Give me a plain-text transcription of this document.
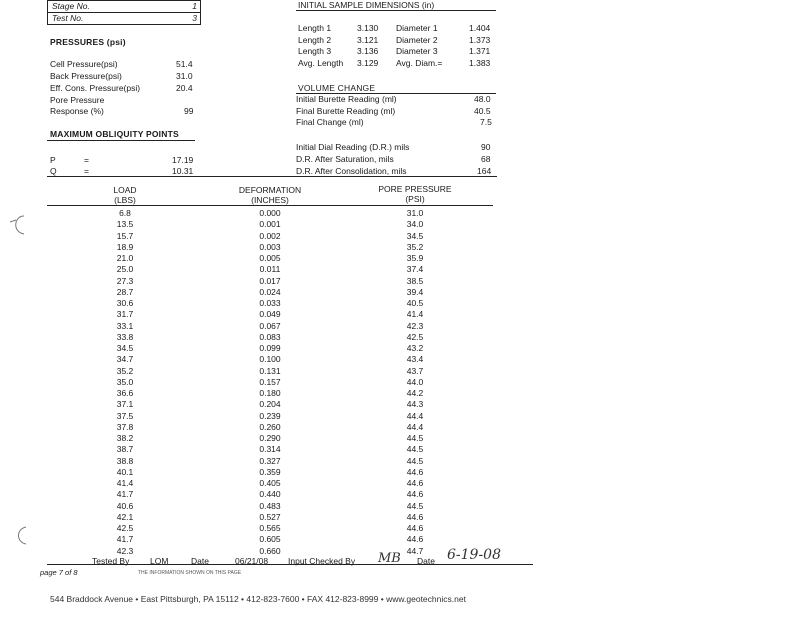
Stage No.	1
Test No.	3
PRESSURES (psi)
Cell Pressure(psi)	51.4
Back Pressure(psi)	31.0
Eff. Cons. Pressure(psi)	20.4
Pore Pressure
Response (%)	99
MAXIMUM OBLIQUITY POINTS
P	=	17.19
Q	=	10.31
INITIAL SAMPLE DIMENSIONS (in)
Length 1	3.130 Diameter 1	1.404
Length 2	3.121 Diameter 2	1.373
Length 3	3.136 Diameter 3	1.371
Avg. Length 3.129 Avg. Diam.=	1.383
VOLUME CHANGE
Initial Burette Reading (ml)	48.0
Final Burette Reading (ml)	40.5
Final Change (ml)	7.5
Initial Dial Reading (D.R.) mils	90
D.R. After Saturation, mils	68
D.R. After Consolidation, mils	164
LOAD
(LBS)
DEFORMATION
(INCHES)
PORE PRESSURE
(PSI)
6.8	0.000	31.0
13.5	0.001	34.0
15.7	0.002	34.5
18.9	0.003	35.2
21.0	0.005	35.9
25.0	0.011	37.4
27.3	0.017	38.5
28.7	0.024	39.4
30.6	0.033	40.5
31.7	0.049	41.4
33.1	0.067	42.3
33.8	0.083	42.5
34.5	0.099	43.2
34.7	0.100	43.4
35.2	0.131	43.7
35.0	0.157	44.0
36.6	0.180	44.2
37.1	0.204	44.3
37.5	0.239	44.4
37.8	0.260	44.4
38.2	0.290	44.5
38.7	0.314	44.5
38.8	0.327	44.5
40.1	0.359	44.6
41.4	0.405	44.6
41.7	0.440	44.6
40.6	0.483	44.5
42.1	0.527	44.6
42.5	0.565	44.6
41.7	0.605	44.6
42.3	0.660	44.7
Tested By LOM	Date	06/21/08 Input Checked By MB Date 6-19-08
page 7 of 8	THE INFORMATION SHOWN ON THIS PAGE
544 Braddock Avenue • East Pittsburgh, PA 15112 • 412-823-7600 • FAX 412-823-8999 • www.geotechnics.net
